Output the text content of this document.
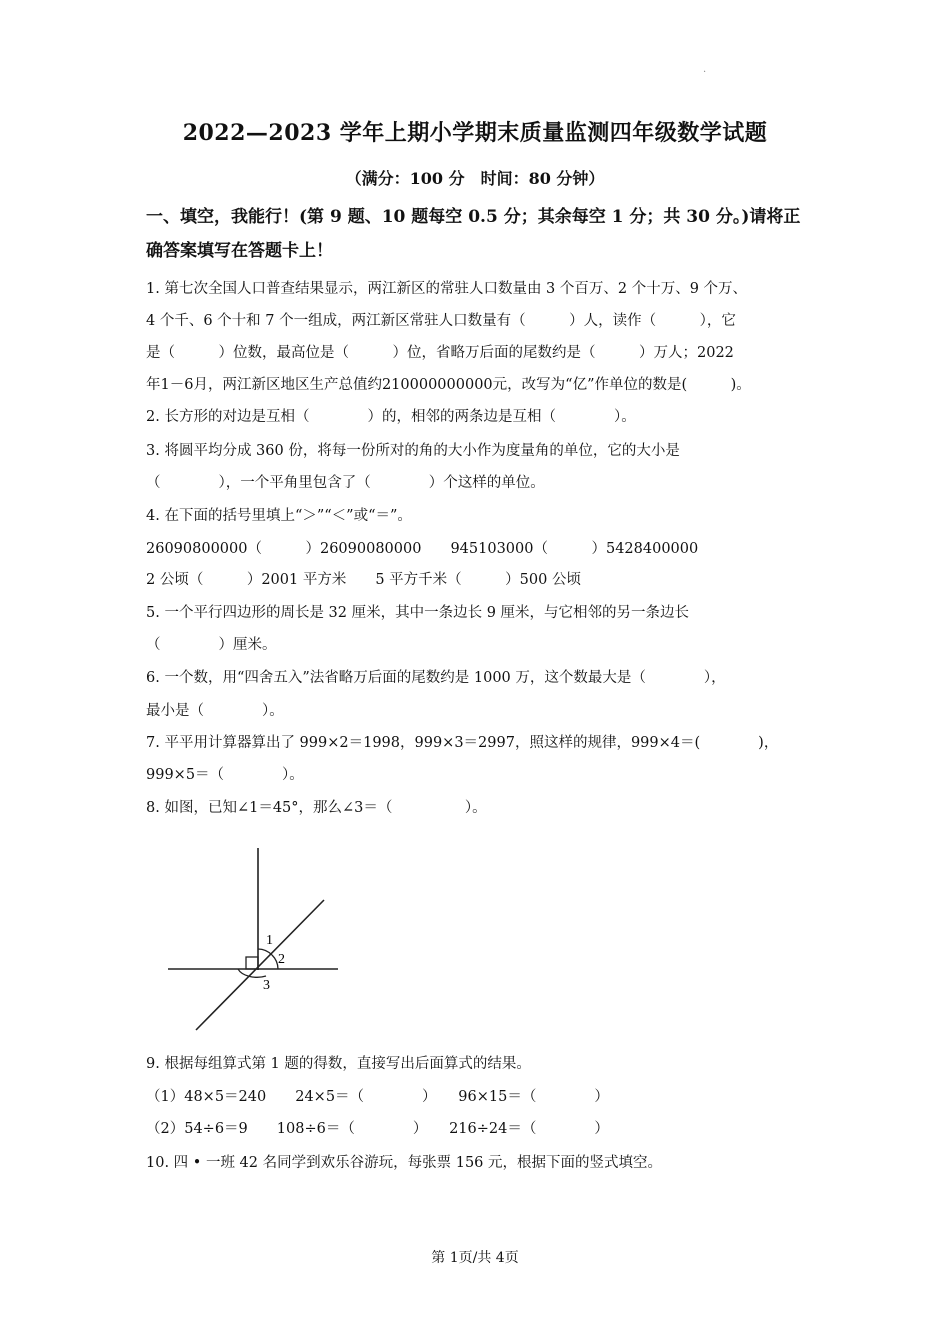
.
2022—2023 学年上期小学期末质量监测四年级数学试题
（满分：100 分　时间：80 分钟）
一、填空，我能行！(第 9 题、10 题每空 0.5 分；其余每空 1 分；共 30 分。)请将正确答案填写在答题卡上！
1. 第七次全国人口普查结果显示，两江新区的常驻人口数量由 3 个百万、2 个十万、9 个万、
4 个千、6 个十和 7 个一组成，两江新区常驻人口数量有（　　　）人，读作（　　　），它
是（　　　）位数，最高位是（　　　）位，省略万后面的尾数约是（　　　）万人；2022
年1－6月，两江新区地区生产总值约210000000000元，改写为“亿”作单位的数是(　　　)。
2. 长方形的对边是互相（　　　　）的，相邻的两条边是互相（　　　　）。
3. 将圆平均分成 360 份，将每一份所对的角的大小作为度量角的单位，它的大小是
（　　　　），一个平角里包含了（　　　　）个这样的单位。
4. 在下面的括号里填上“＞”“＜”或“＝”。
26090800000（　　　）26090080000　　945103000（　　　）5428400000
2 公顷（　　　）2001 平方米　　5 平方千米（　　　）500 公顷
5. 一个平行四边形的周长是 32 厘米，其中一条边长 9 厘米，与它相邻的另一条边长
（　　　　）厘米。
6. 一个数，用“四舍五入”法省略万后面的尾数约是 1000 万，这个数最大是（　　　　），
最小是（　　　　）。
7. 平平用计算器算出了 999×2＝1998，999×3＝2997，照这样的规律，999×4＝(　　　　)，
999×5＝（　　　　）。
8. 如图，已知∠1＝45°，那么∠3＝（　　　　　）。
1
2
3
9. 根据每组算式第 1 题的得数，直接写出后面算式的结果。
（1）48×5＝240　　24×5＝（　　　　）　　96×15＝（　　　　）
（2）54÷6＝9　　108÷6＝（　　　　）　　216÷24＝（　　　　）
10. 四 • 一班 42 名同学到欢乐谷游玩，每张票 156 元，根据下面的竖式填空。
第 1页/共 4页
